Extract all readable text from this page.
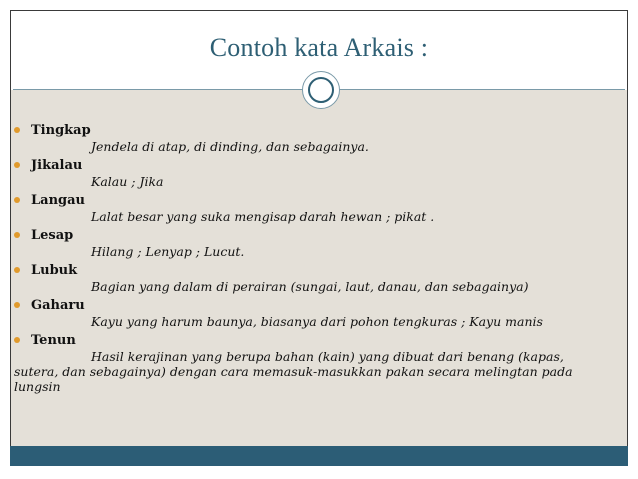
Contoh kata Arkais :
Tingkap
Jendela di atap, di dinding, dan sebagainya.
Jikalau
Kalau ; Jika
Langau
Lalat besar yang suka mengisap darah hewan ; pikat .
Lesap
Hilang ; Lenyap ; Lucut.
Lubuk
Bagian yang dalam di perairan (sungai, laut, danau, dan sebagainya)
Gaharu
Kayu yang harum baunya, biasanya dari pohon tengkuras ; Kayu manis
Tenun
Hasil kerajinan yang berupa bahan (kain) yang dibuat dari benang (kapas, sutera, dan sebagainya) dengan cara memasuk-masukkan pakan secara melingtan pada lungsin
